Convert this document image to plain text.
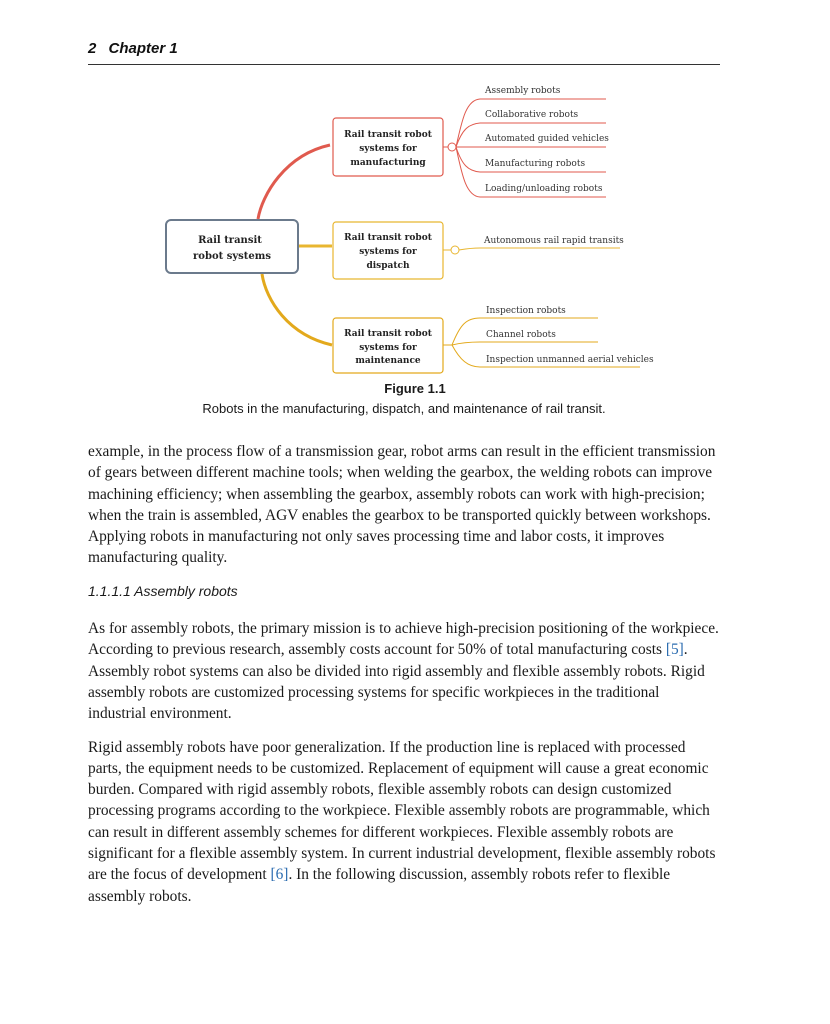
2 Chapter 1
Rail transit
robot systems
Rail transit robot
systems for
manufacturing
Assembly robots
Collaborative robots
Automated guided vehicles
Manufacturing robots
Loading/unloading robots
Rail transit robot
systems for
dispatch
Autonomous rail rapid transits
Rail transit robot
systems for
maintenance
Inspection robots
Channel robots
Inspection unmanned aerial vehicles
Figure 1.1
Robots in the manufacturing, dispatch, and maintenance of rail transit.

example, in the process flow of a transmission gear, robot arms can result in the efficient transmission of gears between different machine tools; when welding the gearbox, the welding robots can improve machining efficiency; when assembling the gearbox, assembly robots can work with high-precision; when the train is assembled, AGV enables the gearbox to be transported quickly between workshops. Applying robots in manufacturing not only saves processing time and labor costs, it improves manufacturing quality.

1.1.1.1 Assembly robots

As for assembly robots, the primary mission is to achieve high-precision positioning of the workpiece. According to previous research, assembly costs account for 50% of total manufacturing costs [5]. Assembly robot systems can also be divided into rigid assembly and flexible assembly robots. Rigid assembly robots are customized processing systems for specific workpieces in the traditional industrial environment.

Rigid assembly robots have poor generalization. If the production line is replaced with processed parts, the equipment needs to be customized. Replacement of equipment will cause a great economic burden. Compared with rigid assembly robots, flexible assembly robots can design customized processing programs according to the workpiece. Flexible assembly robots are programmable, which can result in different assembly schemes for different workpieces. Flexible assembly robots are significant for a flexible assembly system. In current industrial development, flexible assembly robots are the focus of development [6]. In the following discussion, assembly robots refer to flexible assembly robots.
